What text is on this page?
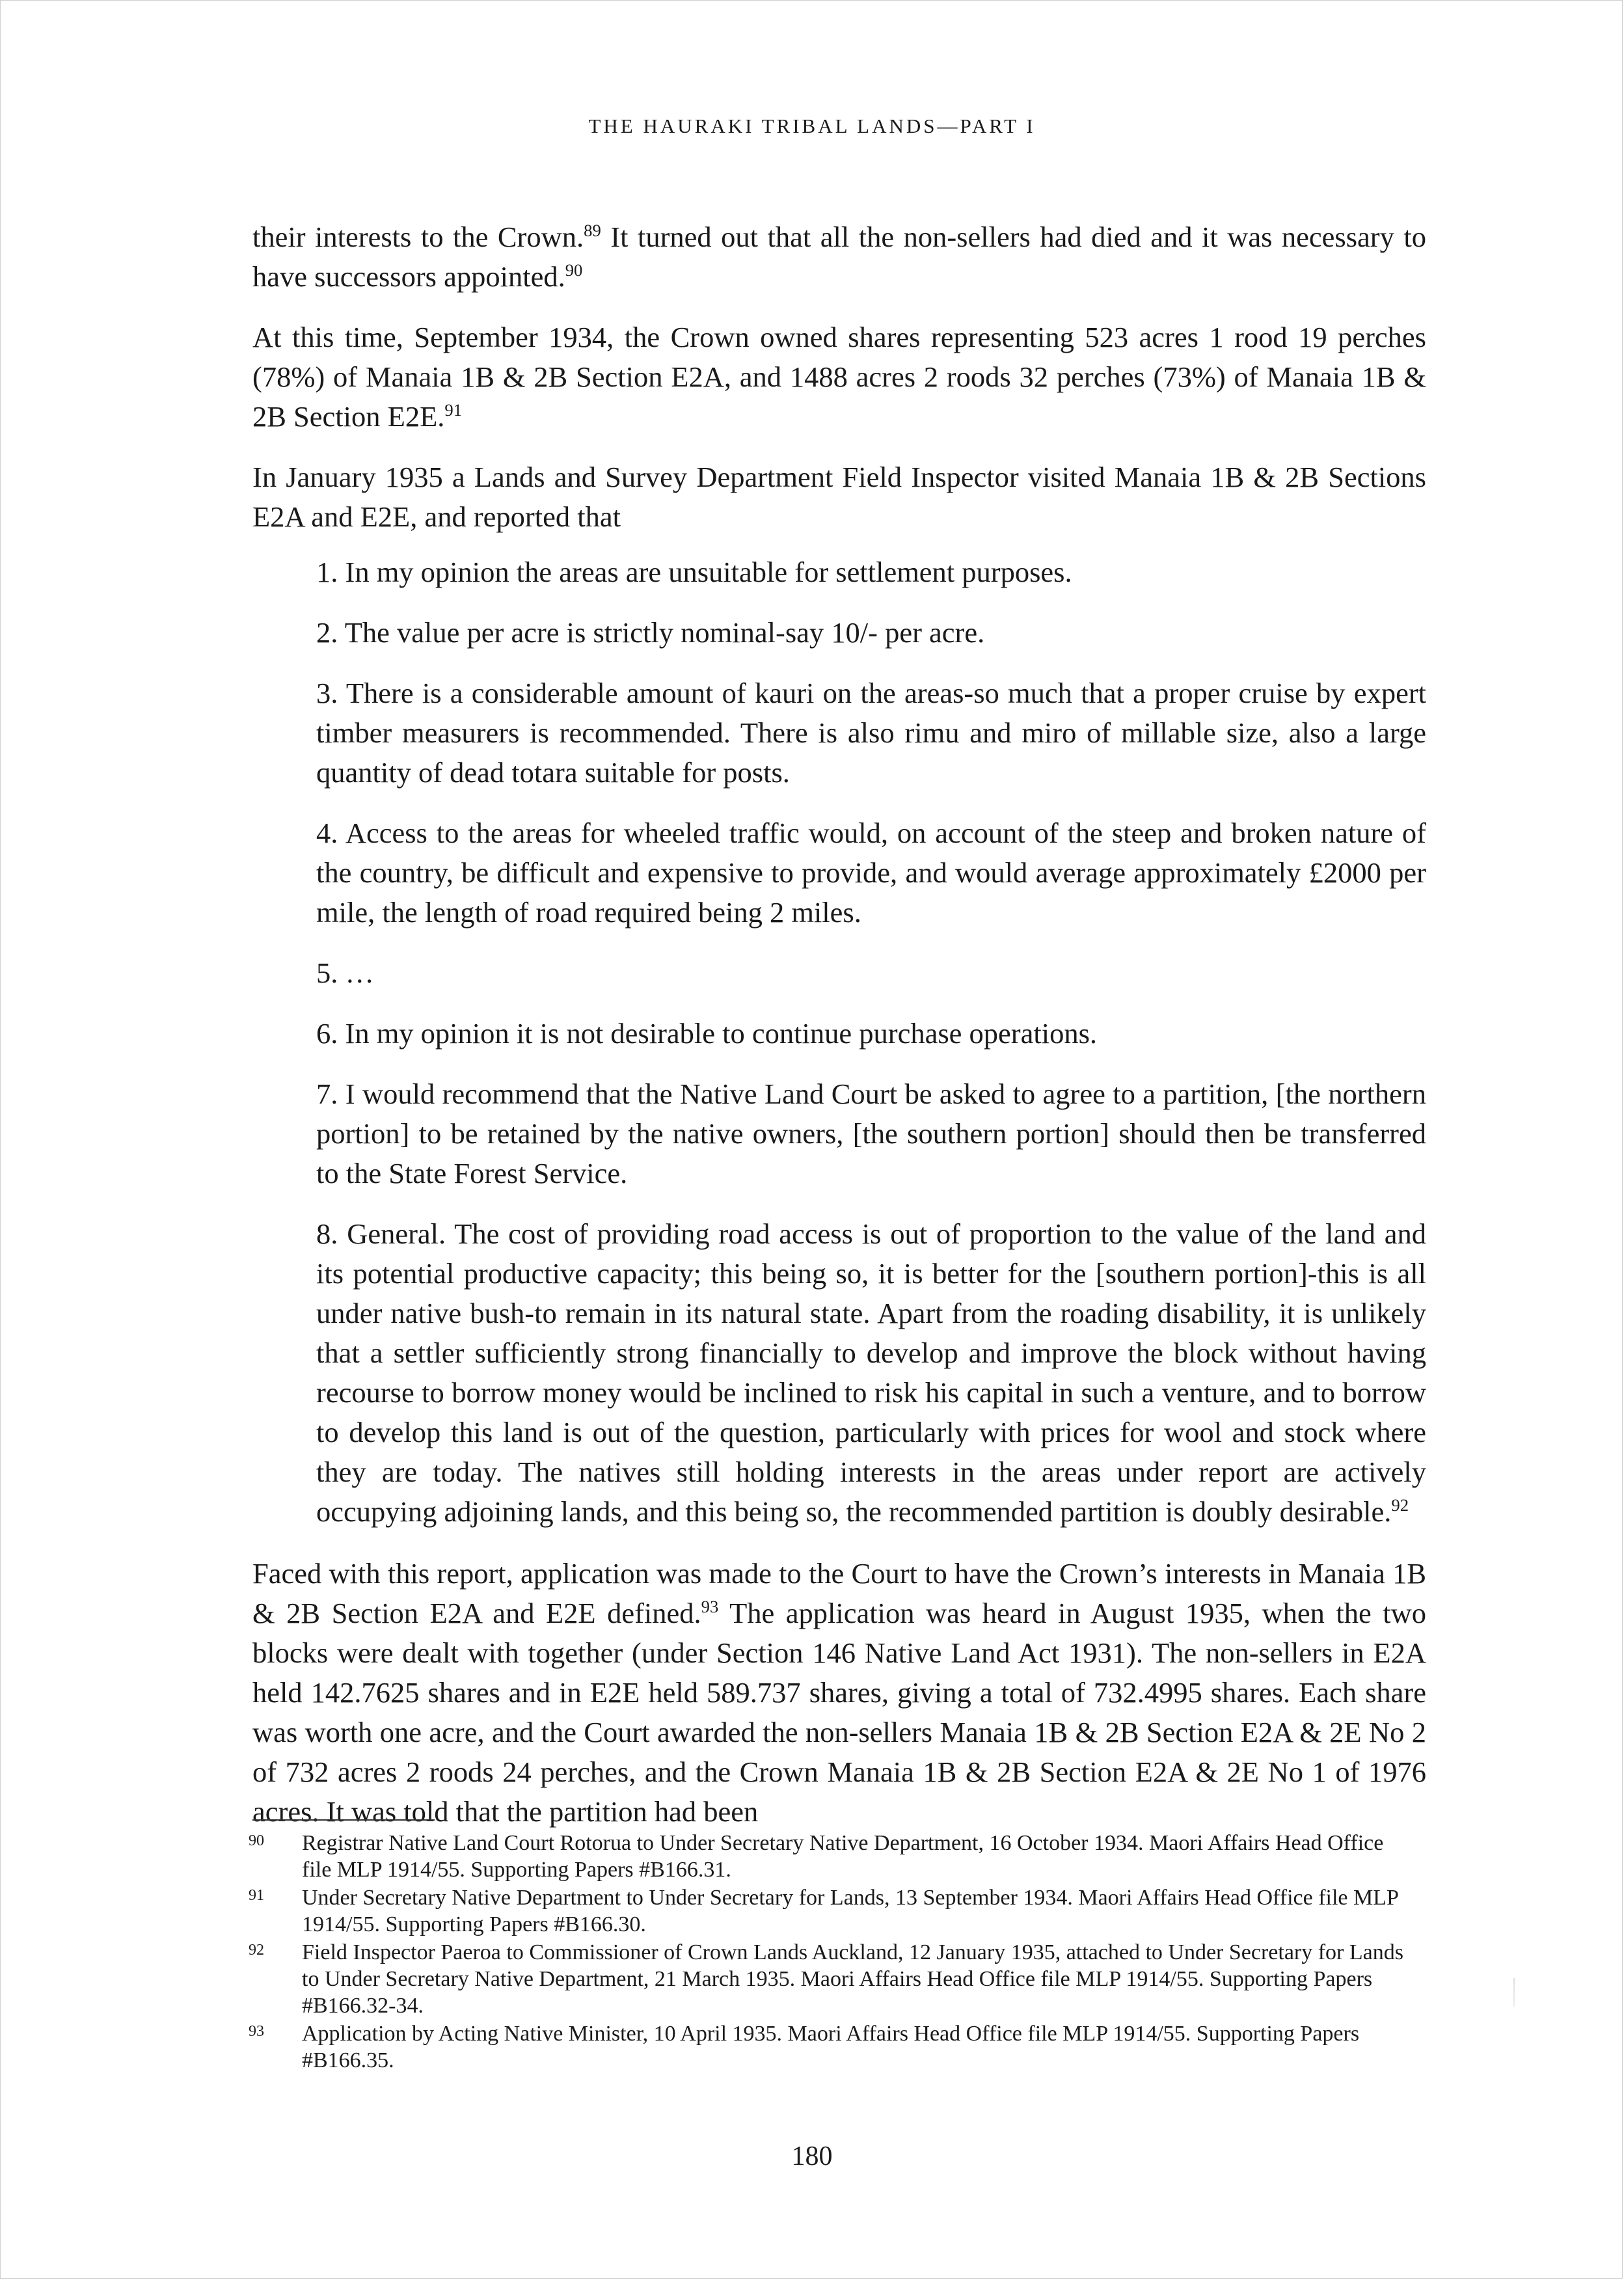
THE HAURAKI TRIBAL LANDS—PART I

their interests to the Crown.$^{89}$ It turned out that all the non-sellers had died and it was necessary to have successors appointed.$^{90}$

At this time, September 1934, the Crown owned shares representing 523 acres 1 rood 19 perches (78%) of Manaia 1B & 2B Section E2A, and 1488 acres 2 roods 32 perches (73%) of Manaia 1B & 2B Section E2E.$^{91}$

In January 1935 a Lands and Survey Department Field Inspector visited Manaia 1B & 2B Sections E2A and E2E, and reported that

1. In my opinion the areas are unsuitable for settlement purposes.

2. The value per acre is strictly nominal-say 10/- per acre.

3. There is a considerable amount of kauri on the areas-so much that a proper cruise by expert timber measurers is recommended. There is also rimu and miro of millable size, also a large quantity of dead totara suitable for posts.

4. Access to the areas for wheeled traffic would, on account of the steep and broken nature of the country, be difficult and expensive to provide, and would average approximately £2000 per mile, the length of road required being 2 miles.

5. …

6. In my opinion it is not desirable to continue purchase operations.

7. I would recommend that the Native Land Court be asked to agree to a partition, [the northern portion] to be retained by the native owners, [the southern portion] should then be transferred to the State Forest Service.

8. General. The cost of providing road access is out of proportion to the value of the land and its potential productive capacity; this being so, it is better for the [southern portion]-this is all under native bush-to remain in its natural state. Apart from the roading disability, it is unlikely that a settler sufficiently strong financially to develop and improve the block without having recourse to borrow money would be inclined to risk his capital in such a venture, and to borrow to develop this land is out of the question, particularly with prices for wool and stock where they are today. The natives still holding interests in the areas under report are actively occupying adjoining lands, and this being so, the recommended partition is doubly desirable.$^{92}$

Faced with this report, application was made to the Court to have the Crown’s interests in Manaia 1B & 2B Section E2A and E2E defined.$^{93}$ The application was heard in August 1935, when the two blocks were dealt with together (under Section 146 Native Land Act 1931). The non-sellers in E2A held 142.7625 shares and in E2E held 589.737 shares, giving a total of 732.4995 shares. Each share was worth one acre, and the Court awarded the non-sellers Manaia 1B & 2B Section E2A & 2E No 2 of 732 acres 2 roods 24 perches, and the Crown Manaia 1B & 2B Section E2A & 2E No 1 of 1976 acres. It was told that the partition had been

90	Registrar Native Land Court Rotorua to Under Secretary Native Department, 16 October 1934. Maori Affairs Head Office file MLP 1914/55. Supporting Papers #B166.31.
91	Under Secretary Native Department to Under Secretary for Lands, 13 September 1934. Maori Affairs Head Office file MLP 1914/55. Supporting Papers #B166.30.
92	Field Inspector Paeroa to Commissioner of Crown Lands Auckland, 12 January 1935, attached to Under Secretary for Lands to Under Secretary Native Department, 21 March 1935. Maori Affairs Head Office file MLP 1914/55. Supporting Papers #B166.32-34.
93	Application by Acting Native Minister, 10 April 1935. Maori Affairs Head Office file MLP 1914/55. Supporting Papers #B166.35.
180
